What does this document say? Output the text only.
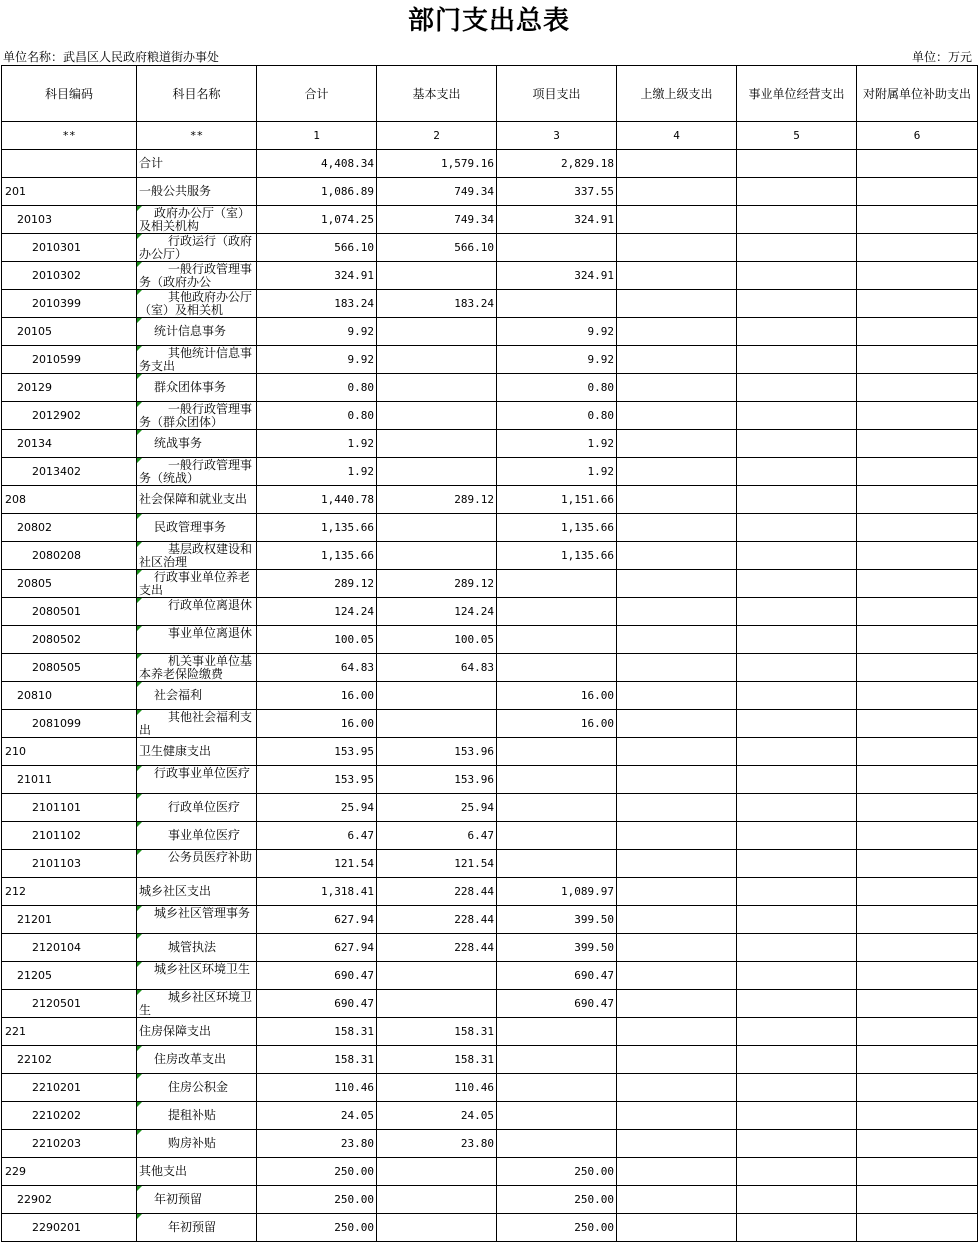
部门支出总表
单位名称：武昌区人民政府粮道街办事处	单位：万元
科目编码	科目名称	合计	基本支出	项目支出	上缴上级支出	事业单位经营支出	对附属单位补助支出
**	**	1	2	3	4	5	6

	合计	4,408.34	1,579.16	2,829.18			
201	一般公共服务	1,086.89	749.34	337.55			
20103	政府办公厅（室）及相关机构	1,074.25	749.34	324.91			
2010301	行政运行（政府办公厅）	566.10	566.10				
2010302	一般行政管理事务（政府办公	324.91		324.91			
2010399	其他政府办公厅（室）及相关机	183.24	183.24				
20105	统计信息事务	9.92		9.92			
2010599	其他统计信息事务支出	9.92		9.92			
20129	群众团体事务	0.80		0.80			
2012902	一般行政管理事务（群众团体）	0.80		0.80			
20134	统战事务	1.92		1.92			
2013402	一般行政管理事务（统战）	1.92		1.92			
208	社会保障和就业支出	1,440.78	289.12	1,151.66			
20802	民政管理事务	1,135.66		1,135.66			
2080208	基层政权建设和社区治理	1,135.66		1,135.66			
20805	行政事业单位养老支出	289.12	289.12				
2080501	行政单位离退休	124.24	124.24				
2080502	事业单位离退休	100.05	100.05				
2080505	机关事业单位基本养老保险缴费	64.83	64.83				
20810	社会福利	16.00		16.00			
2081099	其他社会福利支出	16.00		16.00			
210	卫生健康支出	153.95	153.96				
21011	行政事业单位医疗	153.95	153.96				
2101101	行政单位医疗	25.94	25.94				
2101102	事业单位医疗	6.47	6.47				
2101103	公务员医疗补助	121.54	121.54				
212	城乡社区支出	1,318.41	228.44	1,089.97			
21201	城乡社区管理事务	627.94	228.44	399.50			
2120104	城管执法	627.94	228.44	399.50			
21205	城乡社区环境卫生	690.47		690.47			
2120501	城乡社区环境卫生	690.47		690.47			
221	住房保障支出	158.31	158.31				
22102	住房改革支出	158.31	158.31				
2210201	住房公积金	110.46	110.46				
2210202	提租补贴	24.05	24.05				
2210203	购房补贴	23.80	23.80				
229	其他支出	250.00		250.00			
22902	年初预留	250.00		250.00			
2290201	年初预留	250.00		250.00			
